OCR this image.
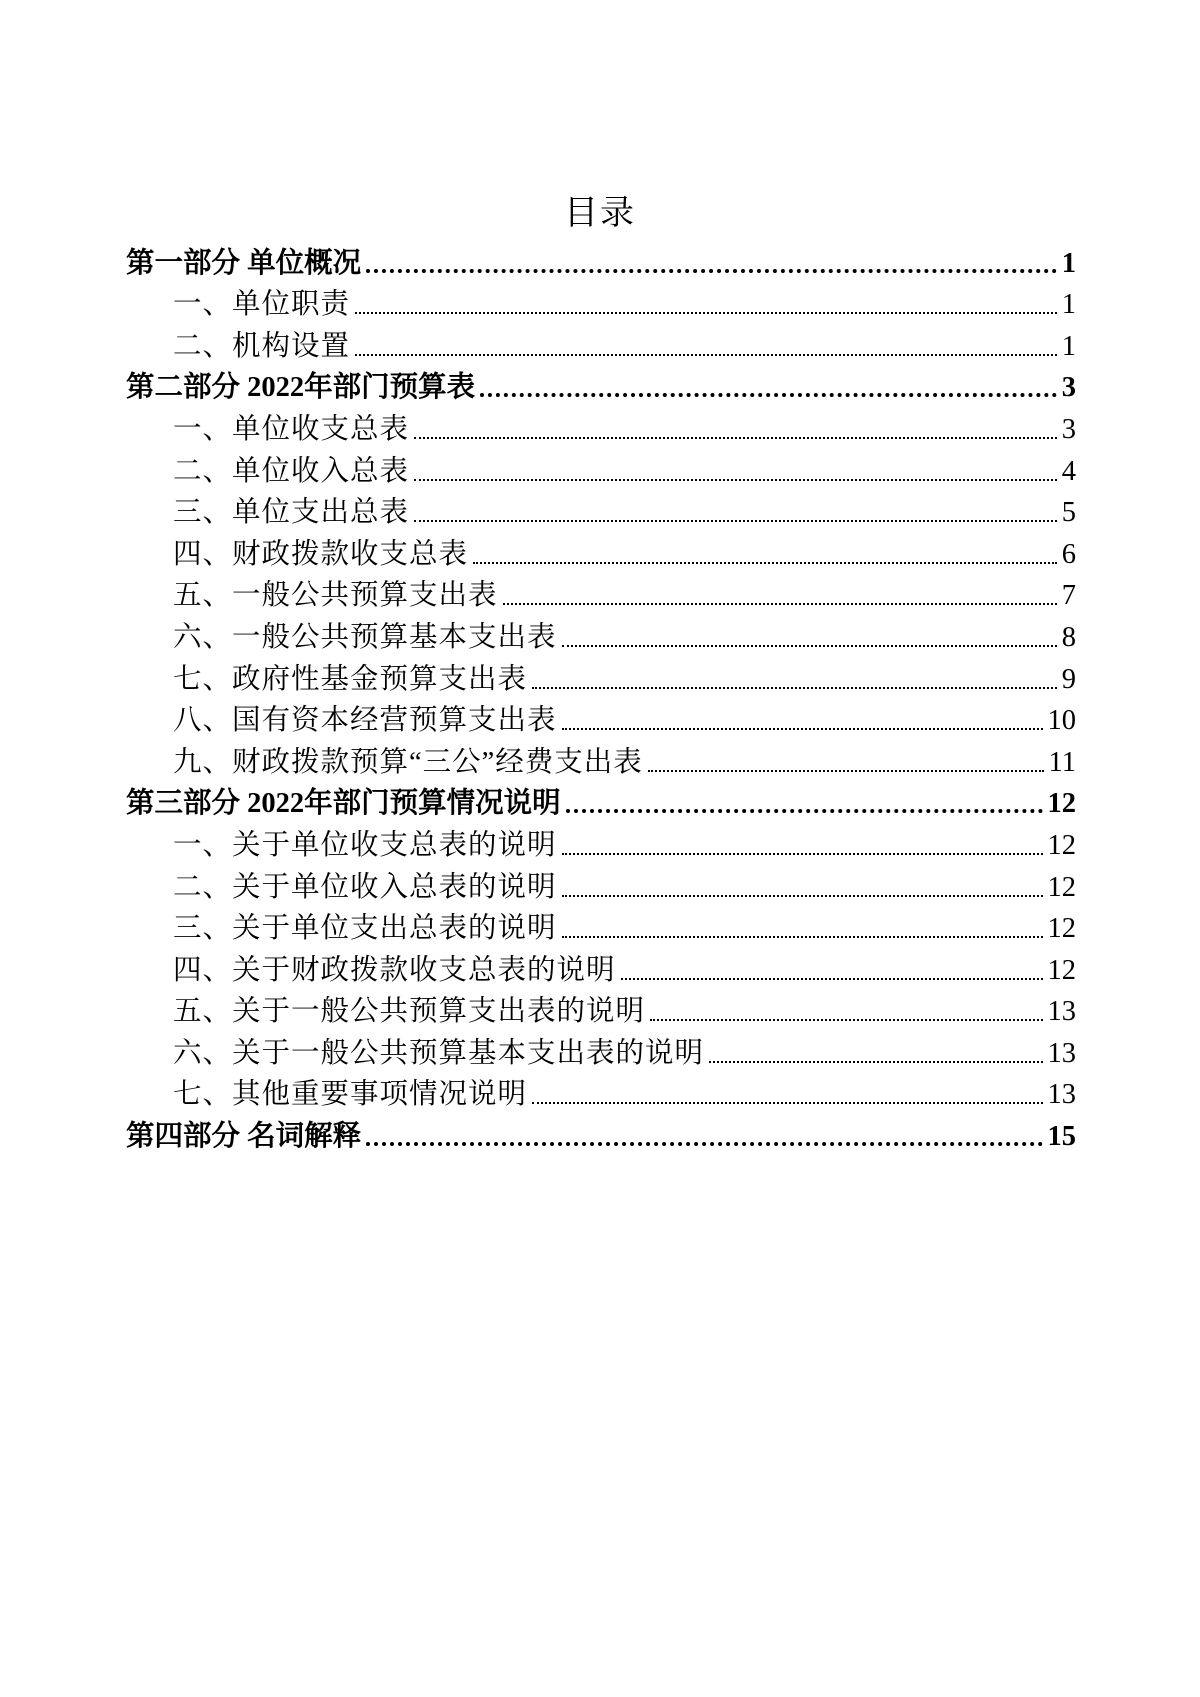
目录
第一部分 单位概况	1
一、单位职责	1
二、机构设置	1
第二部分 2022年部门预算表	3
一、单位收支总表	3
二、单位收入总表	4
三、单位支出总表	5
四、财政拨款收支总表	6
五、一般公共预算支出表	7
六、一般公共预算基本支出表	8
七、政府性基金预算支出表	9
八、国有资本经营预算支出表	10
九、财政拨款预算“三公”经费支出表	11
第三部分 2022年部门预算情况说明	12
一、关于单位收支总表的说明	12
二、关于单位收入总表的说明	12
三、关于单位支出总表的说明	12
四、关于财政拨款收支总表的说明	12
五、关于一般公共预算支出表的说明	13
六、关于一般公共预算基本支出表的说明	13
七、其他重要事项情况说明	13
第四部分 名词解释	15
